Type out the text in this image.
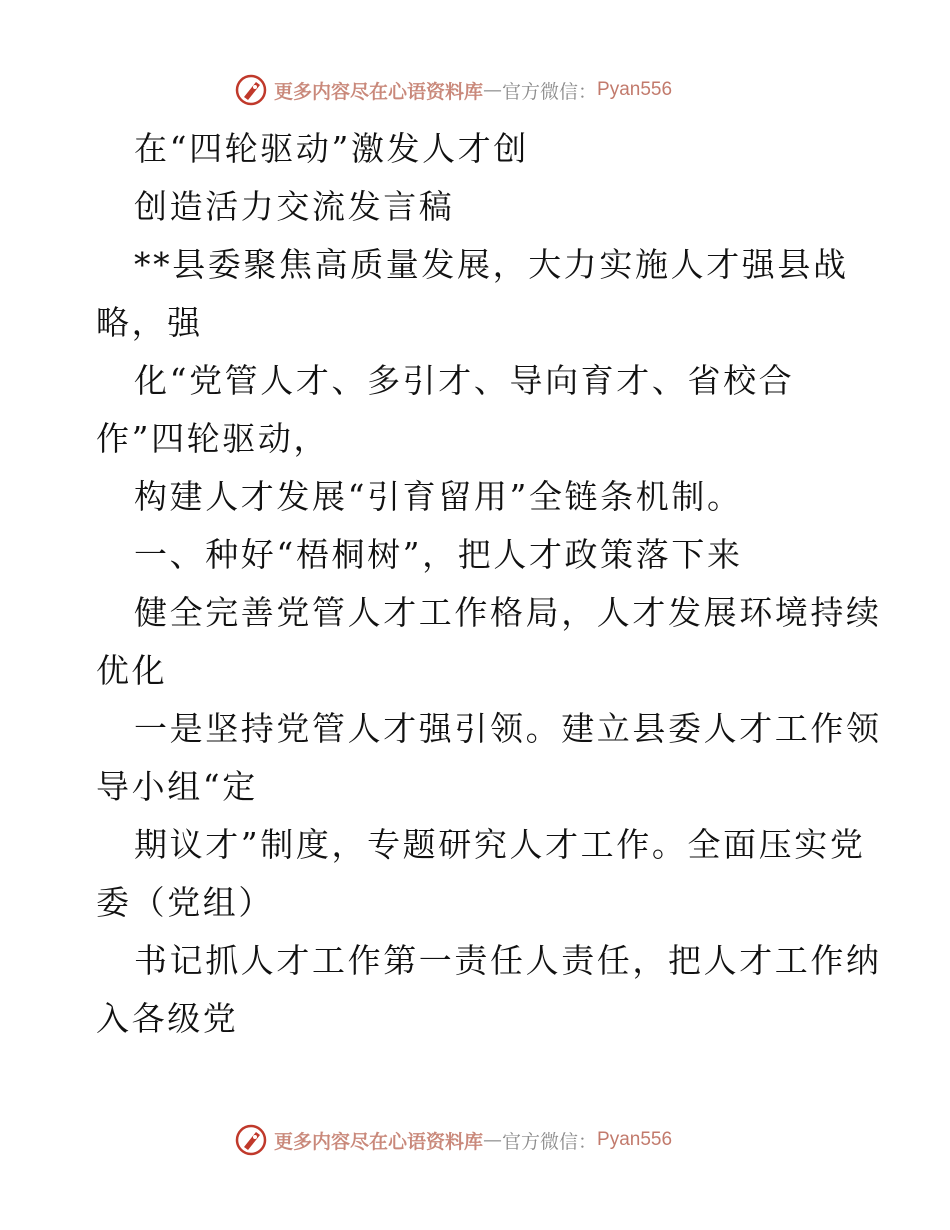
更多内容尽在心语资料库 — 官方微信： Pyan556
在“四轮驱动”激发人才创
创造活力交流发言稿
**县委聚焦高质量发展，大力实施人才强县战
略，强
化“党管人才、多引才、导向育才、省校合
作”四轮驱动，
构建人才发展“引育留用”全链条机制。
一、种好“梧桐树”，把人才政策落下来
健全完善党管人才工作格局，人才发展环境持续
优化
一是坚持党管人才强引领。建立县委人才工作领
导小组“定
期议才”制度，专题研究人才工作。全面压实党
委（党组）
书记抓人才工作第一责任人责任，把人才工作纳
入各级党
更多内容尽在心语资料库 — 官方微信： Pyan556
